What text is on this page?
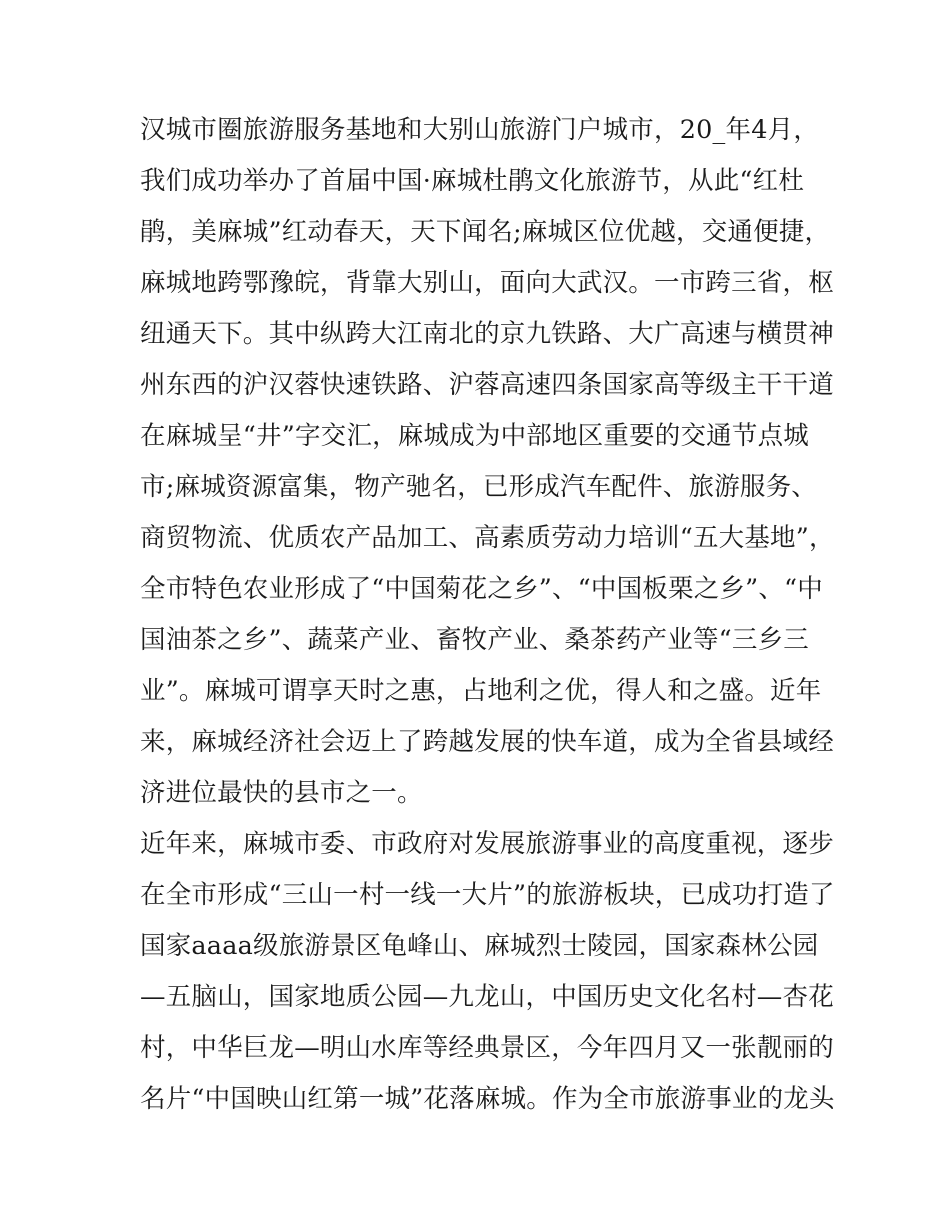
汉城市圈旅游服务基地和大别山旅游门户城市，20_年4月，
我们成功举办了首届中国·麻城杜鹃文化旅游节，从此“红杜
鹃，美麻城”红动春天，天下闻名;麻城区位优越，交通便捷，
麻城地跨鄂豫皖，背靠大别山，面向大武汉。一市跨三省，枢
纽通天下。其中纵跨大江南北的京九铁路、大广高速与横贯神
州东西的沪汉蓉快速铁路、沪蓉高速四条国家高等级主干干道
在麻城呈“井”字交汇，麻城成为中部地区重要的交通节点城
市;麻城资源富集，物产驰名，已形成汽车配件、旅游服务、
商贸物流、优质农产品加工、高素质劳动力培训“五大基地”，
全市特色农业形成了“中国菊花之乡”、“中国板栗之乡”、“中
国油茶之乡”、蔬菜产业、畜牧产业、桑茶药产业等“三乡三
业”。麻城可谓享天时之惠，占地利之优，得人和之盛。近年
来，麻城经济社会迈上了跨越发展的快车道，成为全省县域经
济进位最快的县市之一。
近年来，麻城市委、市政府对发展旅游事业的高度重视，逐步
在全市形成“三山一村一线一大片”的旅游板块，已成功打造了
国家aaaa级旅游景区龟峰山、麻城烈士陵园，国家森林公园
—五脑山，国家地质公园—九龙山，中国历史文化名村—杏花
村，中华巨龙—明山水库等经典景区，今年四月又一张靓丽的
名片“中国映山红第一城”花落麻城。作为全市旅游事业的龙头
